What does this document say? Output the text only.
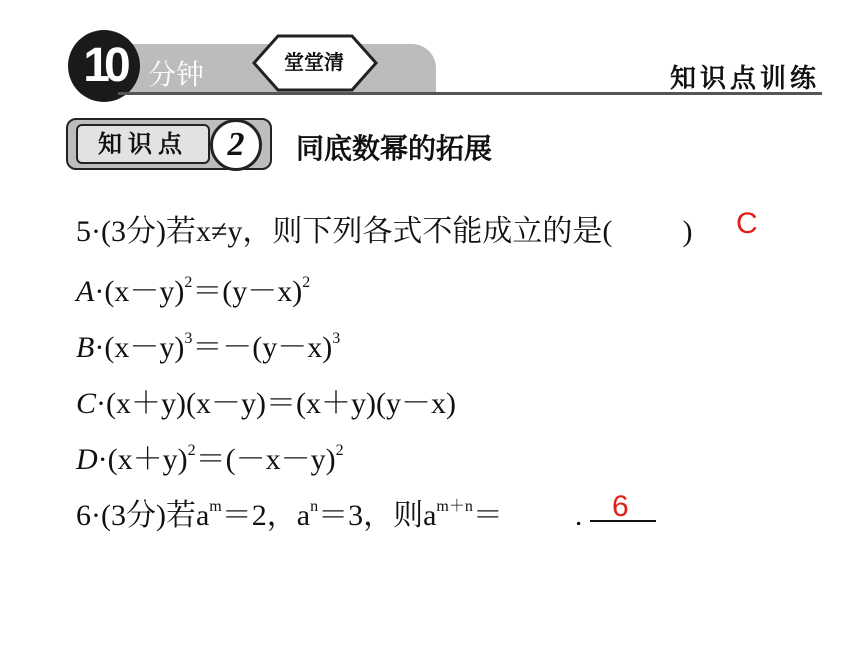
10 分钟	堂堂清
知识点训练
知识点	2	同底数幂的拓展
5·(3分)若x≠y，则下列各式不能成立的是( ) C
$A\cdot(x-y)^2=(y-x)^2$
$B\cdot(x-y)^3=-(y-x)^3$
C·(x＋y)(x－y)＝(x＋y)(y－x)
$D\cdot(x+y)^2=(-x-y)^2$
6·(3分)若$a^m=2$，$a^n=3$，则$a^{m+n}=$ . 6
